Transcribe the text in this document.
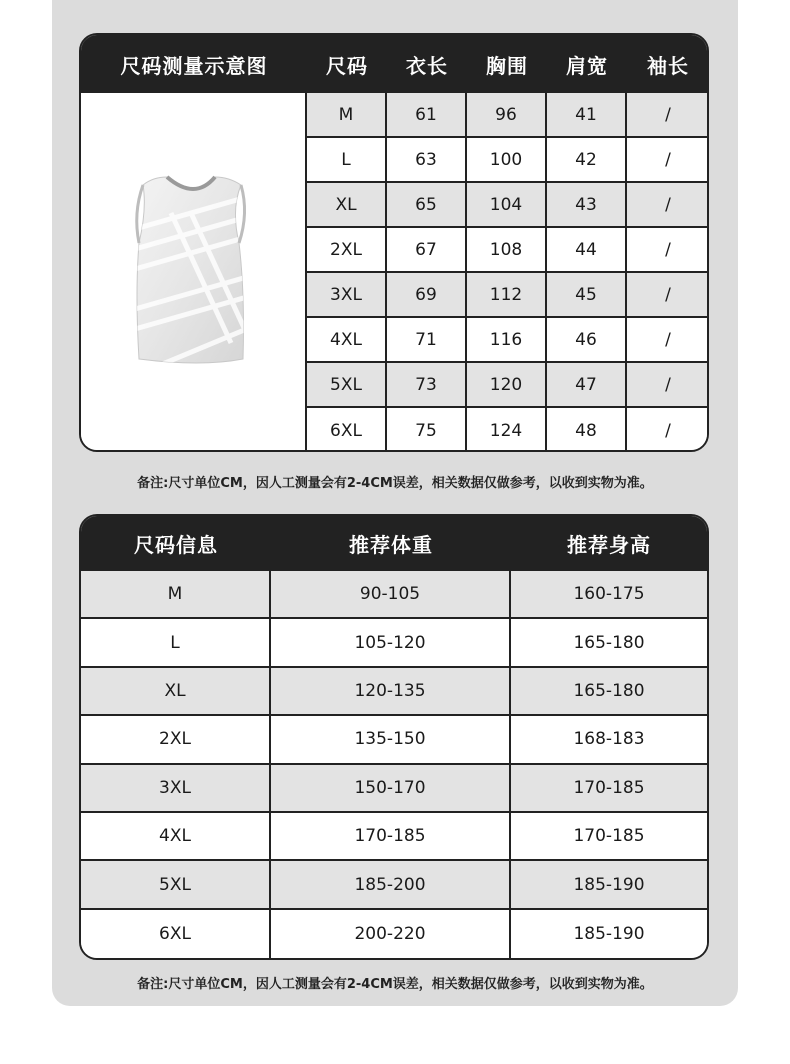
尺码测量示意图	尺码	衣长	胸围	肩宽	袖长
M	61	96	41	/
L	63	100	42	/
XL	65	104	43	/
2XL	67	108	44	/
3XL	69	112	45	/
4XL	71	116	46	/
5XL	73	120	47	/
6XL	75	124	48	/
备注:尺寸单位CM，因人工测量会有2-4CM误差，相关数据仅做参考，以收到实物为准。
尺码信息	推荐体重	推荐身高
M	90-105	160-175
L	105-120	165-180
XL	120-135	165-180
2XL	135-150	168-183
3XL	150-170	170-185
4XL	170-185	170-185
5XL	185-200	185-190
6XL	200-220	185-190
备注:尺寸单位CM，因人工测量会有2-4CM误差，相关数据仅做参考，以收到实物为准。
